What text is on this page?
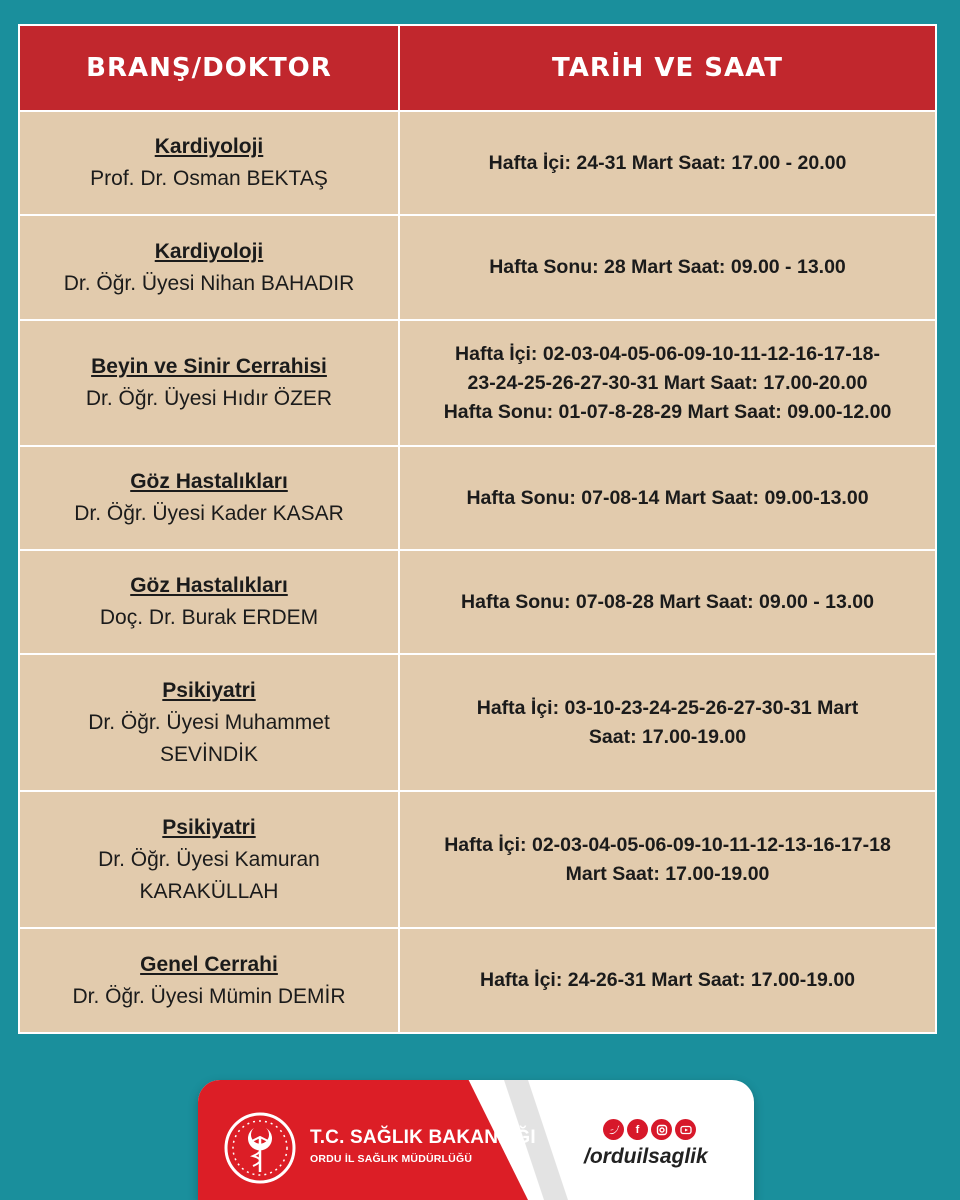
BRANŞ/DOKTOR	TARİH VE SAAT
Kardiyoloji
Prof. Dr. Osman BEKTAŞ
Hafta İçi: 24-31 Mart Saat: 17.00 - 20.00
Kardiyoloji
Dr. Öğr. Üyesi Nihan BAHADIR
Hafta Sonu: 28 Mart Saat: 09.00 - 13.00
Beyin ve Sinir Cerrahisi
Dr. Öğr. Üyesi Hıdır ÖZER
Hafta İçi: 02-03-04-05-06-09-10-11-12-16-17-18-
23-24-25-26-27-30-31 Mart Saat: 17.00-20.00
Hafta Sonu: 01-07-8-28-29 Mart Saat: 09.00-12.00
Göz Hastalıkları
Dr. Öğr. Üyesi Kader KASAR
Hafta Sonu: 07-08-14 Mart Saat: 09.00-13.00
Göz Hastalıkları
Doç. Dr. Burak ERDEM
Hafta Sonu: 07-08-28 Mart Saat: 09.00 - 13.00
Psikiyatri
Dr. Öğr. Üyesi Muhammet SEVİNDİK
Hafta İçi: 03-10-23-24-25-26-27-30-31 Mart
Saat: 17.00-19.00
Psikiyatri
Dr. Öğr. Üyesi Kamuran KARAKÜLLAH
Hafta İçi: 02-03-04-05-06-09-10-11-12-13-16-17-18
Mart Saat: 17.00-19.00
Genel Cerrahi
Dr. Öğr. Üyesi Mümin DEMİR
Hafta İçi: 24-26-31 Mart Saat: 17.00-19.00
T.C. SAĞLIK BAKANLIĞI
ORDU İL SAĞLIK MÜDÜRLÜĞÜ
f
/orduilsaglik
